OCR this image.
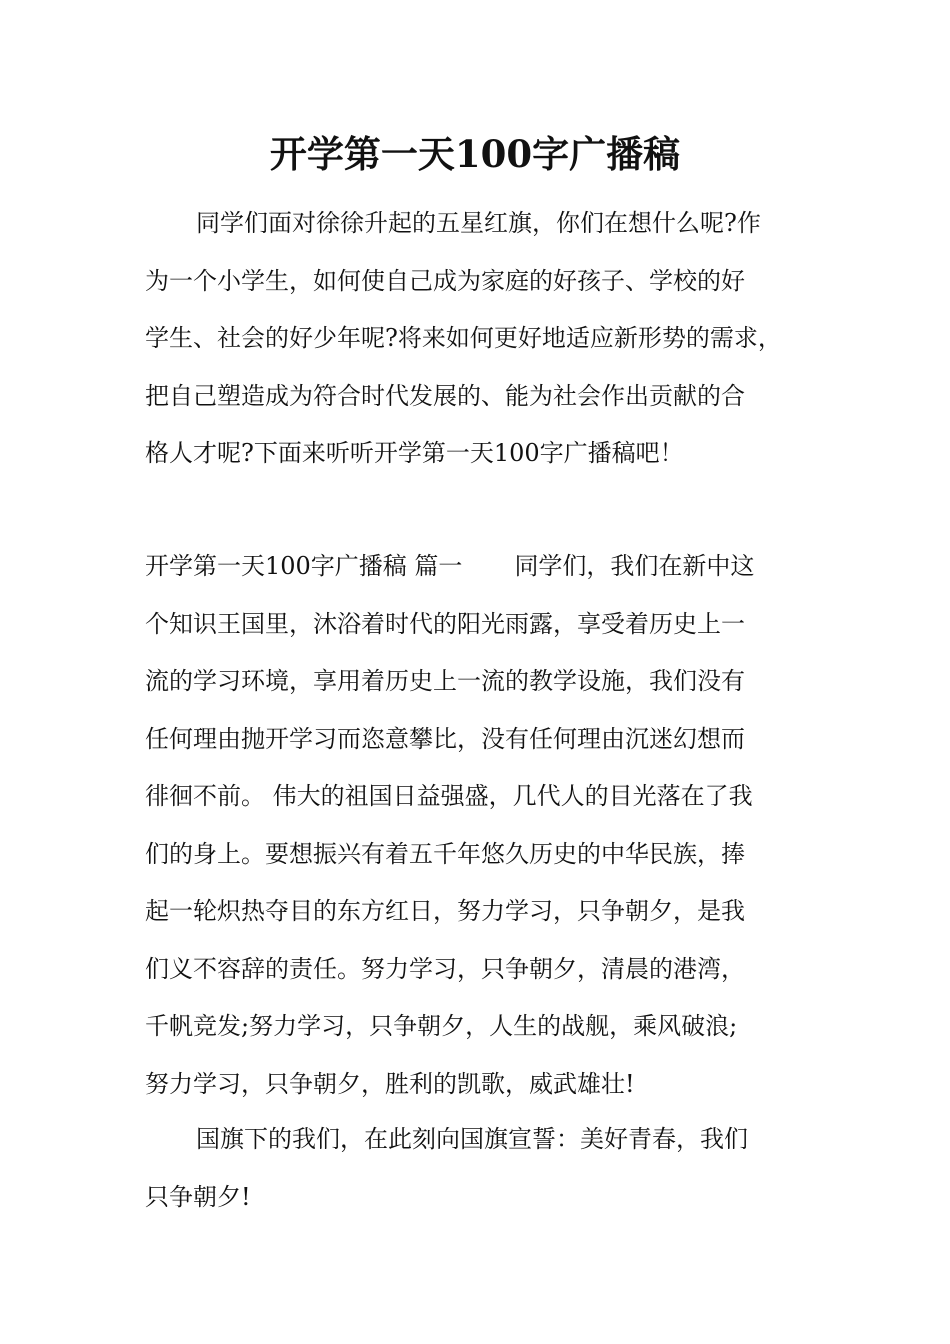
开学第一天100字广播稿
同学们面对徐徐升起的五星红旗，你们在想什么呢?作
为一个小学生，如何使自己成为家庭的好孩子、学校的好
学生、社会的好少年呢?将来如何更好地适应新形势的需求，
把自己塑造成为符合时代发展的、能为社会作出贡献的合
格人才呢?下面来听听开学第一天100字广播稿吧！
开学第一天100字广播稿 篇一 同学们，我们在新中这
个知识王国里，沐浴着时代的阳光雨露，享受着历史上一
流的学习环境，享用着历史上一流的教学设施，我们没有
任何理由抛开学习而恣意攀比，没有任何理由沉迷幻想而
徘徊不前。 伟大的祖国日益强盛，几代人的目光落在了我
们的身上。要想振兴有着五千年悠久历史的中华民族，捧
起一轮炽热夺目的东方红日，努力学习，只争朝夕，是我
们义不容辞的责任。努力学习，只争朝夕，清晨的港湾，
千帆竞发;努力学习，只争朝夕，人生的战舰，乘风破浪;
努力学习，只争朝夕，胜利的凯歌，威武雄壮!
国旗下的我们，在此刻向国旗宣誓：美好青春，我们
只争朝夕!
